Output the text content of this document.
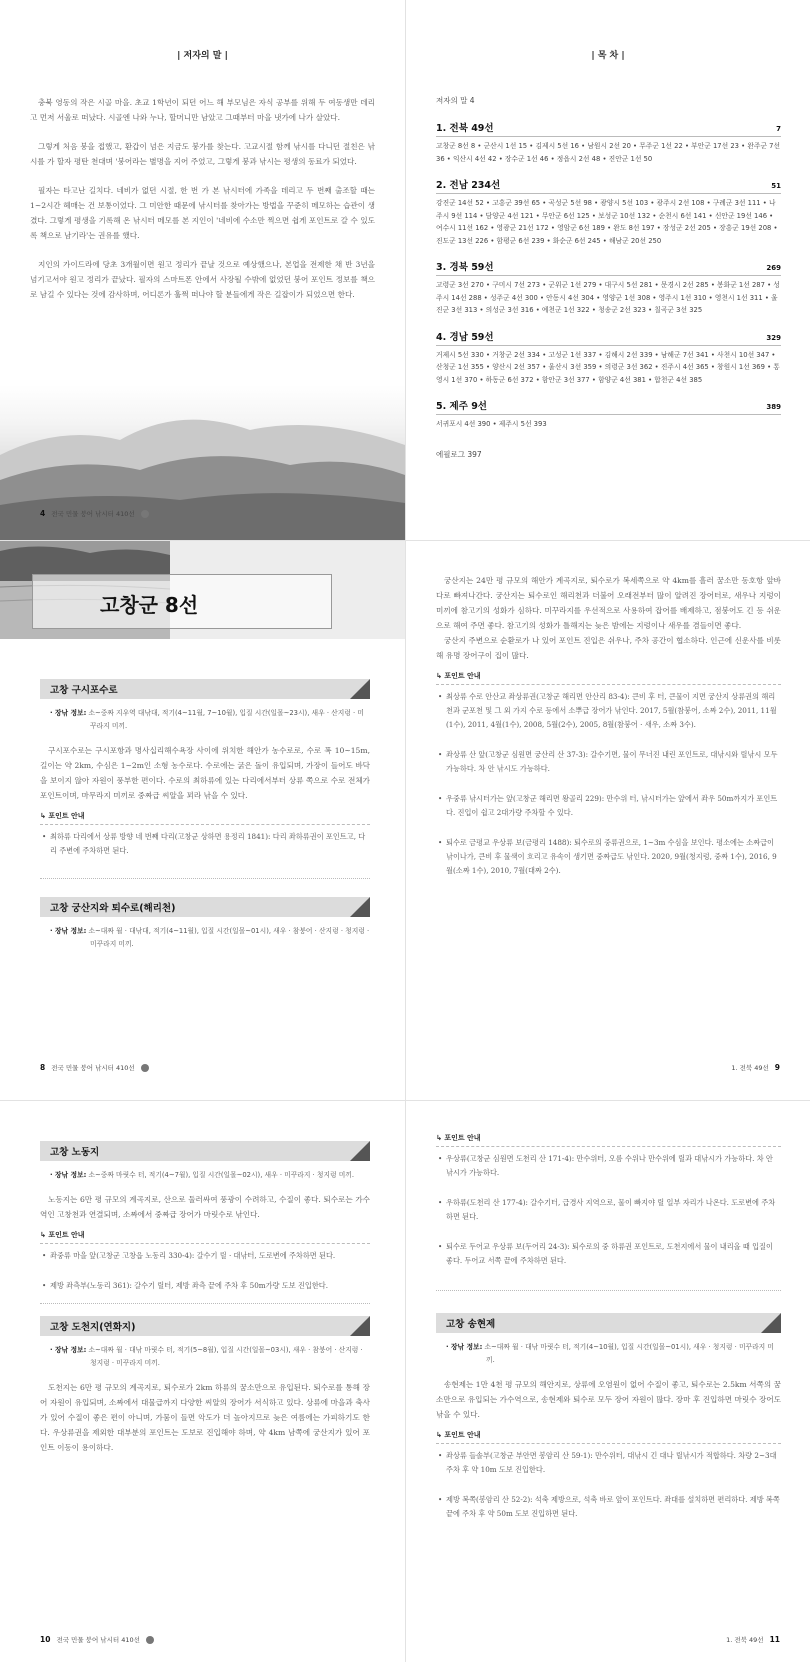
| 저자의 말 |

충북 영동의 작은 시골 마을. 초교 1학년이 되던 어느 해 부모님은 자식 공부를 위해 두 여동생만 데리고 먼저 서울로 떠났다. 시골엔 나와 누나, 할머니만 남았고 그때부터 마을 냇가에 나가 살았다.

그렇게 처음 붕을 접했고, 환갑이 넘은 지금도 붕가를 찾는다. 고교시절 함께 낚시를 다니던 절친은 낚시를 가 할자 평탄 천대며 '붕어라는 별명을 지어 주었고, 그렇게 붕과 낚시는 평생의 동료가 되었다.

필자는 타고난 길치다. 네비가 없던 시절, 한 번 가 본 낚시터에 가족을 데리고 두 번째 출조할 때는 1~2시간 헤매는 건 보통이었다. 그 미안한 때문에 낚시터를 찾아가는 방법을 꾸준히 메모하는 습관이 생겼다. 그렇게 평생을 기록해 온 낚시터 메모를 본 지인이 '네비에 수소만 찍으면 쉽게 포인트로 갈 수 있도록 책으로 남기라'는 권유를 했다.

지인의 가이드라에 당초 3개월이면 원고 정리가 끝날 것으로 예상했으나, 본업을 전제한 채 반 3년을 넘기고서야 원고 정리가 끝났다. 필자의 스마트폰 안에서 사장될 수밖에 없었던 붕어 포인트 정보를 책으로 남길 수 있다는 것에 감사하며, 어디론가 훌쩍 떠나야 할 분들에게 작은 길잡이가 되었으면 한다.

4 전국 민물 붕어 낚시터 410선
| 목 차 |
저자의 말 4
1. 전북 49선	7
고창군 8선 8 • 군산시 1선 15 • 김제시 5선 16 • 남원시 2선 20 • 무주군 1선 22 • 부안군 17선 23 • 완주군 7선 36 • 익산시 4선 42 • 장수군 1선 46 • 정읍시 2선 48 • 진안군 1선 50
2. 전남 234선	51
강진군 14선 52 • 고흥군 39선 65 • 곡성군 5선 98 • 광양시 5선 103 • 광주시 2선 108 • 구례군 3선 111 • 나주시 9선 114 • 담양군 4선 121 • 무안군 6선 125 • 보성군 10선 132 • 순천시 6선 141 • 신안군 19선 146 • 여수시 11선 162 • 영광군 21선 172 • 영암군 6선 189 • 완도 8선 197 • 장성군 2선 205 • 장흥군 19선 208 • 진도군 13선 226 • 함평군 6선 239 • 화순군 6선 245 • 해남군 20선 250
3. 경북 59선	269
고령군 3선 270 • 구미시 7선 273 • 군위군 1선 279 • 대구시 5선 281 • 문경시 2선 285 • 봉화군 1선 287 • 성주시 14선 288 • 성주군 4선 300 • 안동시 4선 304 • 영양군 1선 308 • 영주시 1선 310 • 영천시 1선 311 • 울진군 3선 313 • 의성군 3선 316 • 예천군 1선 322 • 청송군 2선 323 • 칠곡군 3선 325
4. 경남 59선	329
거제시 5선 330 • 거창군 2선 334 • 고성군 1선 337 • 김해시 2선 339 • 남해군 7선 341 • 사천시 10선 347 • 산청군 1선 355 • 양산시 2선 357 • 울산시 3선 359 • 의령군 3선 362 • 진주시 4선 365 • 창원시 1선 369 • 통영시 1선 370 • 하동군 6선 372 • 함안군 3선 377 • 함양군 4선 381 • 합천군 4선 385
5. 제주 9선	389
서귀포시 4선 390 • 제주시 5선 393
에필로그 397
고창군 8선
고창 구시포수로
· 장낚 정보: 소~중짜 지우역 대낚대, 적기(4~11월, 7~10월), 입질 시간(일몰~23시), 새우 · 산지렁 · 미꾸라지 미끼.

구시포수로는 구시포항과 명사십리해수욕장 사이에 위치한 해안가 농수로로, 수로 폭 10~15m, 길이는 약 2km, 수심은 1~2m인 소형 농수로다. 수로에는 굵은 돌이 유입되며, 가장이 들어도 바닥을 보이지 않아 자원이 풍부한 편이다. 수로의 최하류에 있는 다리에서부터 상류 쪽으로 수로 전체가 포인트이며, 마무라지 미끼로 중짜급 씨알을 꾀라 낚을 수 있다.

↳ 포인트 안내
• 최하류 다리에서 상류 방향 네 번째 다리(고창군 상하면 용정리 1841): 다리 좌하류권이 포인트고, 다리 주변에 주차하면 된다.
고창 궁산지와 퇴수로(해리천)
· 장낚 정보: 소~대짜 월 · 대낚대, 적기(4~11월), 입질 시간(일몰~01시), 새우 · 참붕어 · 산지렁 · 청지렁 · 미꾸라지 미끼.
8 전국 민물 붕어 낚시터 410선

궁산지는 24만 평 규모의 해안가 계곡지로, 퇴수로가 복세쪽으로 약 4km를 흘러 꿈소만 동호항 앞바다로 빠져나간다. 궁산지는 퇴수로인 해리천과 더불어 오래전부터 많이 알려진 장어터로, 새우나 지렁이 미끼에 참고기의 성화가 심하다. 미꾸라지를 우선적으로 사용하여 잡어를 배제하고, 점붕어도 긴 등 쉬운으로 해여 주면 좋다. 참고기의 성화가 틀해지는 늦은 밤에는 지렁이나 새우를 겸들이면 좋다.

궁산지 주변으로 순환로가 나 있어 포인트 진입은 쉬우나, 주차 공간이 협소하다. 인근에 신운사를 비롯해 유명 장어구이 집이 많다.

↳ 포인트 안내
• 최상류 수로 안산교 좌상류권(고창군 해리면 안산리 83-4): 큰비 후 터, 큰물이 지면 궁산지 상류권의 해리천과 군포천 및 그 외 가지 수로 등에서 소뿌급 장어가 낚인다. 2017, 5월(참붕어, 소짜 2수), 2011, 11월(1수), 2011, 4월(1수), 2008, 5월(2수), 2005, 8월(참붕어 · 새우, 소짜 3수).
• 좌상류 산 앞(고창군 심원면 궁산리 산 37-3): 갈수기면, 물이 무너진 내린 포인트로, 대낚시와 릴낚시 모두 가능하다. 차 안 낚시도 가능하다.
• 우중류 낚시터가는 앞(고창군 해리면 왕골리 229): 만수위 터, 낚시터가는 앞에서 좌우 50m까지가 포인트다. 진입이 쉽고 2대가량 주차할 수 있다.
• 퇴수로 금평교 우상류 보(금평리 1488): 퇴수로의 중류권으로, 1~3m 수심을 보인다. 평소에는 소짜급이 낚이나가, 큰비 후 물색이 흐리고 유속이 생기면 중짜급도 낚인다. 2020, 9월(청지렁, 중짜 1수), 2016, 9월(소짜 1수), 2010, 7월(대짜 2수).
1. 전북 49선 9
고창 노동지
· 장낚 정보: 소~중짜 마릿수 터, 적기(4~7월), 입질 시간(일몰~02시), 새우 · 미꾸라지 · 청지렁 미끼.

노동지는 6만 평 규모의 계곡지로, 산으로 둘러싸여 풍광이 수려하고, 수질이 좋다. 퇴수로는 가수역인 고창천과 연결되며, 소짜에서 중짜급 장어가 마릿수로 낚인다.

↳ 포인트 안내
• 좌중류 마을 앞(고창군 고창읍 노동리 330-4): 갈수기 릴 · 대낚터, 도로변에 주차하면 된다.
• 제방 좌측부(노동리 361): 갈수기 릴터, 제방 좌측 끝에 주차 후 50m가량 도보 진입한다.
고창 도천지(연화지)
· 장낚 정보: 소~대짜 월 · 대낚 마릿수 터, 적기(5~8월), 입질 시간(일몰~03시), 새우 · 참붕어 · 산지렁 · 청지렁 · 미꾸라지 미끼.

도천지는 6만 평 규모의 계곡지로, 퇴수로가 2km 하류의 꿈소만으로 유입된다. 퇴수로를 통해 장어 자원이 유입되며, 소짜에서 대물급까지 다양한 씨알의 장어가 서식하고 있다. 상류에 마을과 축사가 있어 수질이 좋은 편이 아니며, 가뭄이 들면 악도가 더 높아지므로 늦은 여름에는 가피하기도 한다. 우상류권을 제외한 대부분의 포인트는 도보로 진입해야 하며, 약 4km 남쪽에 궁산지가 있어 포인트 이동이 용이하다.

10 전국 민물 붕어 낚시터 410선
↳ 포인트 안내
• 우상류(고창군 심원면 도천리 산 171-4): 만수위터, 오름 수위나 만수위에 릴과 대낚시가 가능하다. 차 안 낚시가 가능하다.
• 우하류(도천리 산 177-4): 갈수기터, 급경사 지역으로, 물이 빠지야 릴 일부 자리가 나온다. 도로변에 주차하면 된다.
• 퇴수로 두어교 우상류 보(두어리 24-3): 퇴수로의 중 하류권 포인트로, 도천지에서 물이 내리올 때 입질이 좋다. 두어교 서쪽 끝에 주차하면 된다.
고창 송현제
· 장낚 정보: 소~대짜 월 · 대낚 마릿수 터, 적기(4~10월), 입질 시간(일몰~01시), 새우 · 청지렁 · 미꾸라지 미끼.

송현제는 1만 4천 평 규모의 해안지로, 상류에 오염원이 없어 수질이 좋고, 퇴수로는 2.5km 서쪽의 꿈소만으로 유입되는 가수역으로, 송현제와 퇴수로 모두 장어 자원이 많다. 장마 후 진입하면 마릿수 장어도 낚을 수 있다.

↳ 포인트 안내
• 좌상류 들솔부(고창군 부안면 봉암리 산 59-1): 만수위터, 대낚시 긴 대나 릴낚시가 적합하다. 차량 2~3대 주차 후 약 10m 도보 진입한다.
• 제방 복쪽(봉암리 산 52-2): 석축 제방으로, 석축 바로 앞이 포인트다. 좌대를 설치하면 편리하다. 제방 복쪽 끝에 주차 후 약 50m 도보 진입하면 된다.
1. 전북 49선 11
